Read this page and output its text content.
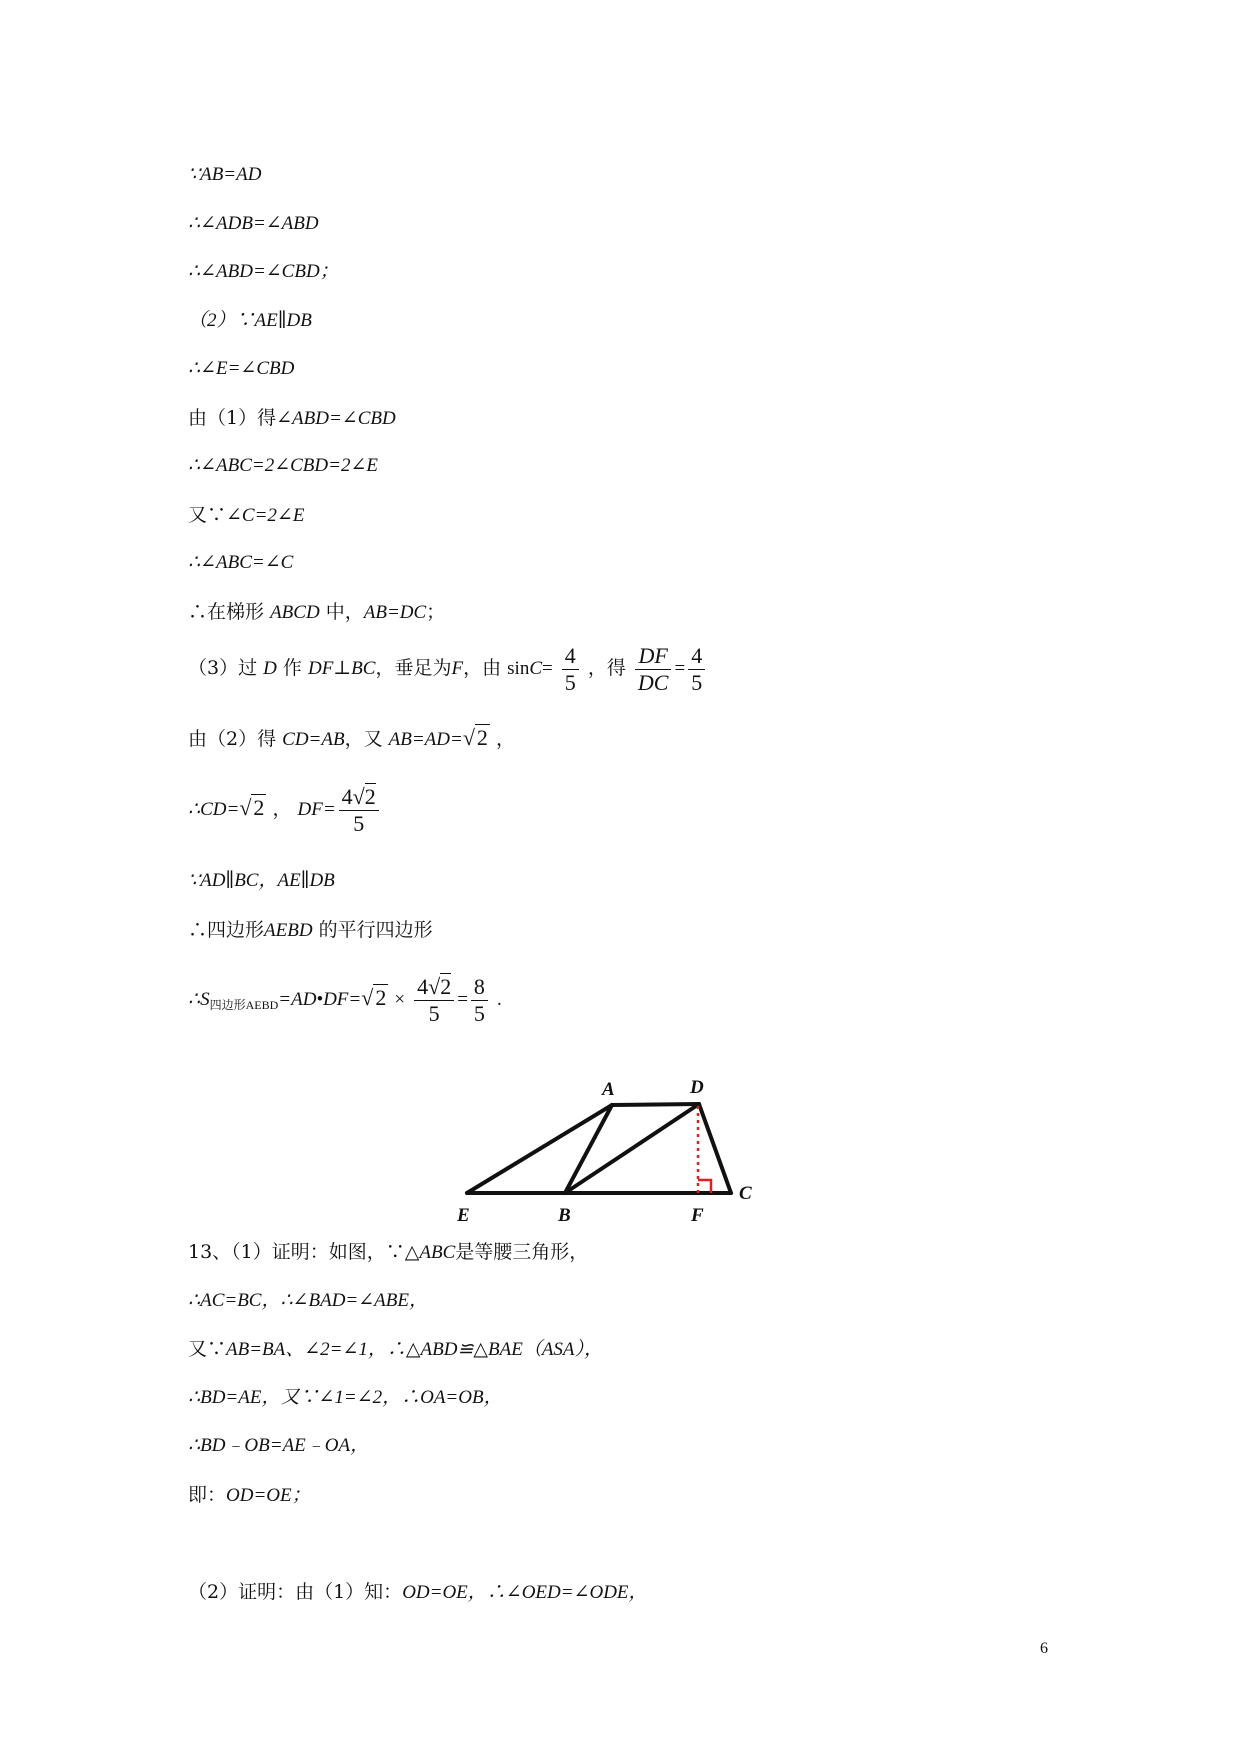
∵AB=AD
∴∠ADB=∠ABD
∴∠ABD=∠CBD；
（2）∵AE∥DB
∴∠E=∠CBD
由（1）得∠ABD=∠CBD
∴∠ABC=2∠CBD=2∠E
又∵∠C=2∠E
∴∠ABC=∠C
∴在梯形 ABCD 中，AB=DC；
（3）过 D 作 DF⊥BC，垂足为F，由 $\sin C= \frac{4}{5}$ ，得 $\frac{DF}{DC} = \frac{4}{5}$
由（2）得 CD=AB，又 AB=AD=√2 ，
∴CD=√2 ， $DF= \frac{4√2}{5}$
∵AD∥BC，AE∥DB
∴四边形AEBD 的平行四边形
$\therefore S_{四边形AEBD}=AD•DF=√2 \times \frac{4√2}{5} = \frac{8}{5}$ .
A	D
E	B	F
C
13、（1）证明：如图，∵△ABC是等腰三角形，
∴AC=BC，∴∠BAD=∠ABE，
又∵AB=BA、∠2=∠1，∴△ABD≌△BAE（ASA），
∴BD=AE，又∵∠1=∠2，∴OA=OB，
∴BD﹣OB=AE﹣OA，
即：OD=OE；
（2）证明：由（1）知：OD=OE，∴∠OED=∠ODE，
6
